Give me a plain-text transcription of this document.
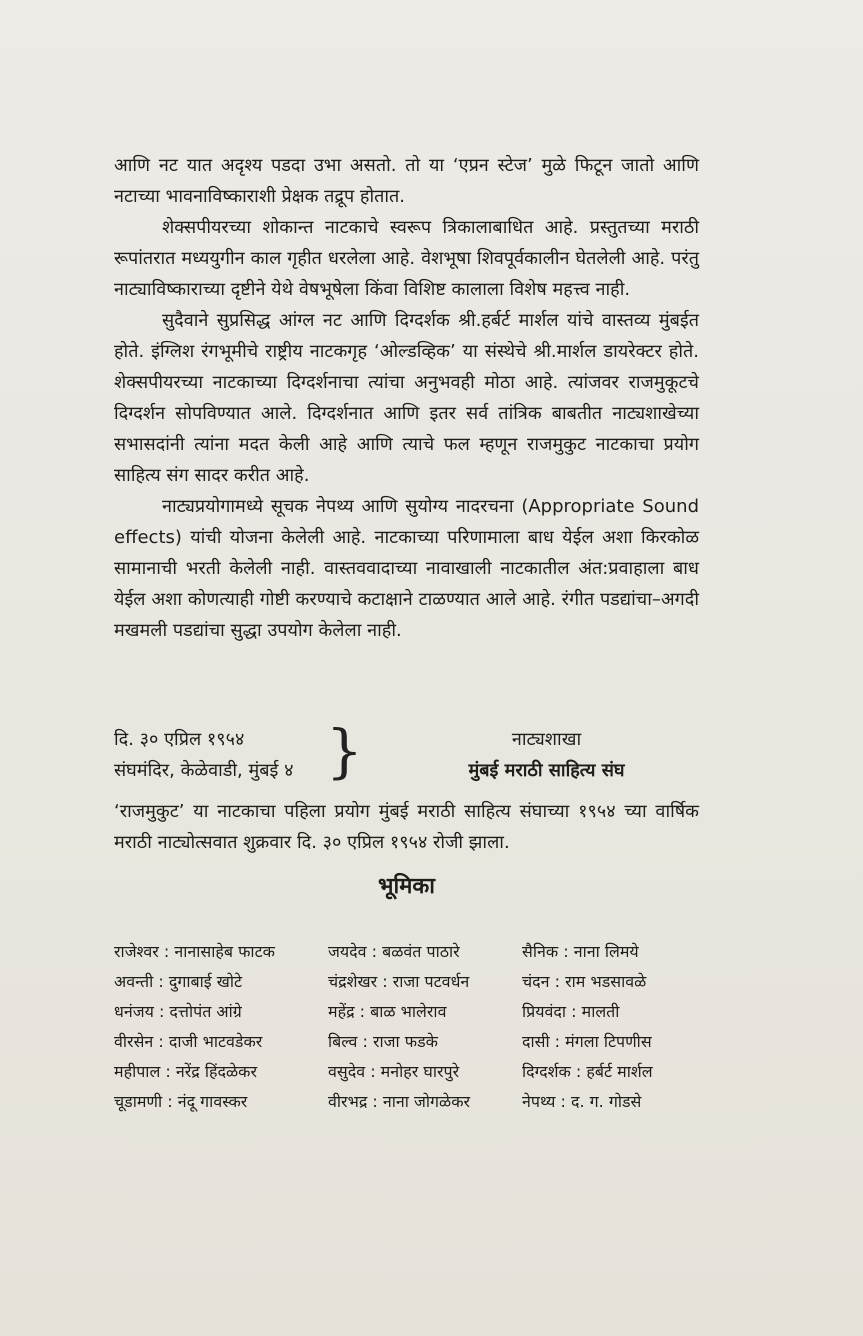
आणि नट यात अदृश्य पडदा उभा असतो. तो या ‘एप्रन स्टेज’ मुळे फिटून जातो आणि नटाच्या भावनाविष्काराशी प्रेक्षक तद्रूप होतात.

शेक्सपीयरच्या शोकान्त नाटकाचे स्वरूप त्रिकालाबाधित आहे. प्रस्तुतच्या मराठी रूपांतरात मध्ययुगीन काल गृहीत धरलेला आहे. वेशभूषा शिवपूर्वकालीन घेतलेली आहे. परंतु नाट्याविष्काराच्या दृष्टीने येथे वेषभूषेला किंवा विशिष्ट कालाला विशेष महत्त्व नाही.

सुदैवाने सुप्रसिद्ध आंग्ल नट आणि दिग्दर्शक श्री.हर्बर्ट मार्शल यांचे वास्तव्य मुंबईत होते. इंग्लिश रंगभूमीचे राष्ट्रीय नाटकगृह ‘ओल्डव्हिक’ या संस्थेचे श्री.मार्शल डायरेक्टर होते. शेक्सपीयरच्या नाटकाच्या दिग्दर्शनाचा त्यांचा अनुभवही मोठा आहे. त्यांजवर राजमुकूटचे दिग्दर्शन सोपविण्यात आले. दिग्दर्शनात आणि इतर सर्व तांत्रिक बाबतीत नाट्यशाखेच्या सभासदांनी त्यांना मदत केली आहे आणि त्याचे फल म्हणून राजमुकुट नाटकाचा प्रयोग साहित्य संग सादर करीत आहे.

नाट्यप्रयोगामध्ये सूचक नेपथ्य आणि सुयोग्य नादरचना (Appropriate Sound effects) यांची योजना केलेली आहे. नाटकाच्या परिणामाला बाध येईल अशा किरकोळ सामानाची भरती केलेली नाही. वास्तववादाच्या नावाखाली नाटकातील अंत:प्रवाहाला बाध येईल अशा कोणत्याही गोष्टी करण्याचे कटाक्षाने टाळण्यात आले आहे. रंगीत पडद्यांचा–अगदी मखमली पडद्यांचा सुद्धा उपयोग केलेला नाही.

दि. ३० एप्रिल १९५४
संघमंदिर, केळेवाडी, मुंबई ४ }	नाट्यशाखा
मुंबई मराठी साहित्य संघ

‘राजमुकुट’ या नाटकाचा पहिला प्रयोग मुंबई मराठी साहित्य संघाच्या १९५४ च्या वार्षिक मराठी नाट्योत्सवात शुक्रवार दि. ३० एप्रिल १९५४ रोजी झाला.

भूमिका
राजेश्वर : नानासाहेब फाटक	जयदेव : बळवंत पाठारे	सैनिक : नाना लिमये
अवन्ती : दुगाबाई खोटे	चंद्रशेखर : राजा पटवर्धन	चंदन : राम भडसावळे
धनंजय : दत्तोपंत आंग्रे	महेंद्र : बाळ भालेराव	प्रियवंदा : मालती
वीरसेन : दाजी भाटवडेकर	बिल्व : राजा फडके	दासी : मंगला टिपणीस
महीपाल : नरेंद्र हिंदळेकर	वसुदेव : मनोहर घारपुरे	दिग्दर्शक : हर्बर्ट मार्शल
चूडामणी : नंदू गावस्कर	वीरभद्र : नाना जोगळेकर	नेपथ्य : द. ग. गोडसे
